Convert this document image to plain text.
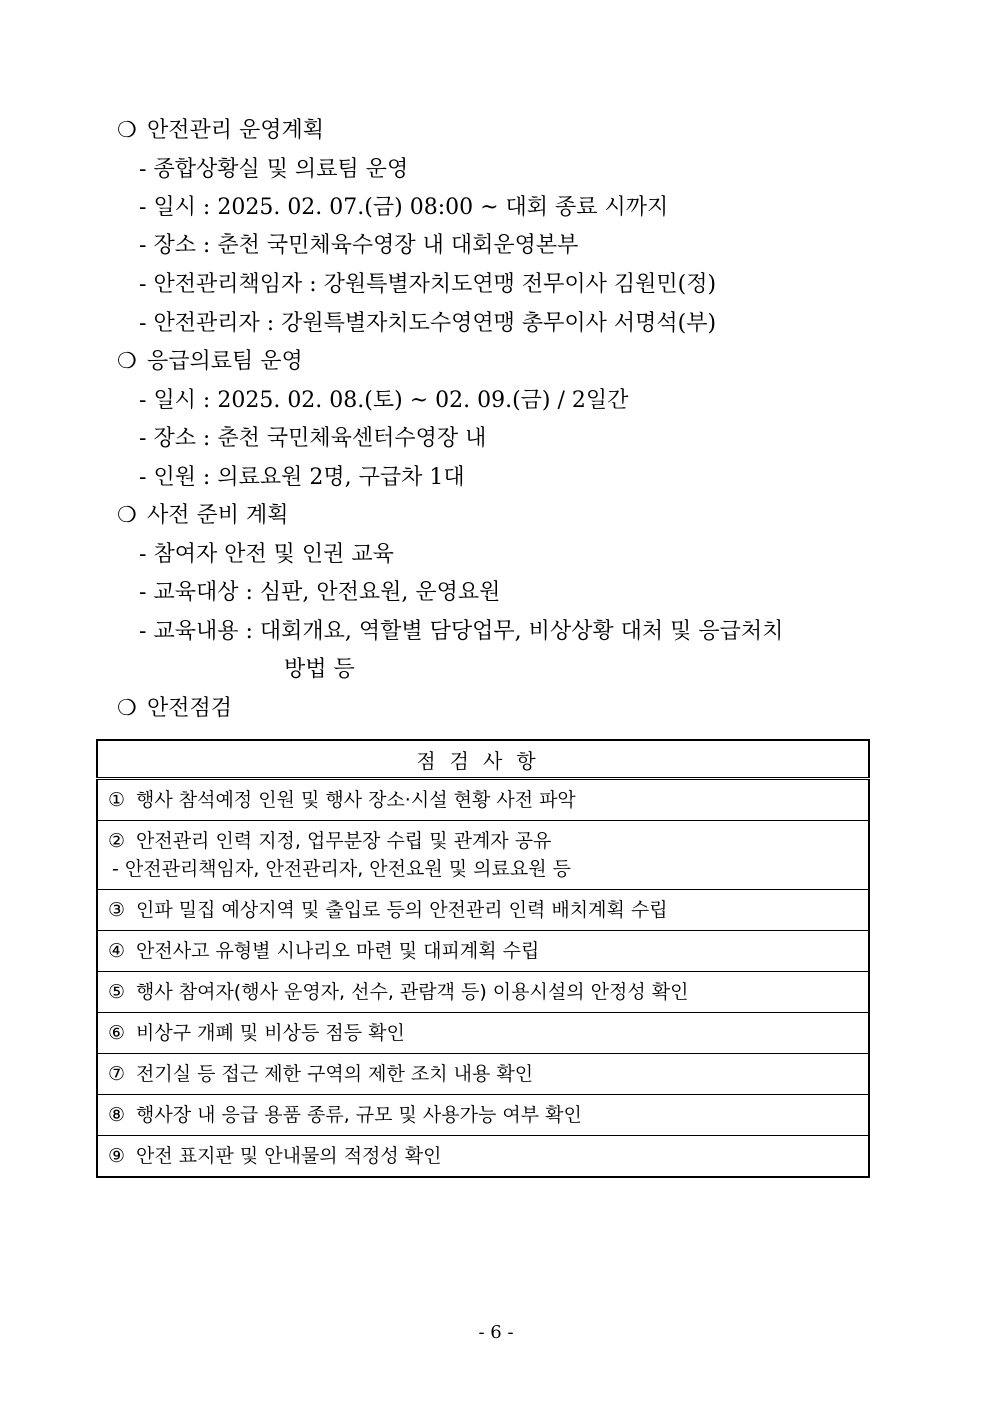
❍ 안전관리 운영계획
- 종합상황실 및 의료팀 운영
- 일시 : 2025. 02. 07.(금) 08:00 ~ 대회 종료 시까지
- 장소 : 춘천 국민체육수영장 내 대회운영본부
- 안전관리책임자 : 강원특별자치도연맹 전무이사 김원민(정)
- 안전관리자 : 강원특별자치도수영연맹 총무이사 서명석(부)
❍ 응급의료팀 운영
- 일시 : 2025. 02. 08.(토) ~ 02. 09.(금) / 2일간
- 장소 : 춘천 국민체육센터수영장 내
- 인원 : 의료요원 2명, 구급차 1대
❍ 사전 준비 계획
- 참여자 안전 및 인권 교육
- 교육대상 : 심판, 안전요원, 운영요원
- 교육내용 : 대회개요, 역할별 담당업무, 비상상황 대처 및 응급처치
방법 등
❍ 안전점검
점검사항
① 행사 참석예정 인원 및 행사 장소·시설 현황 사전 파악
② 안전관리 인력 지정, 업무분장 수립 및 관계자 공유
- 안전관리책임자, 안전관리자, 안전요원 및 의료요원 등

③ 인파 밀집 예상지역 및 출입로 등의 안전관리 인력 배치계획 수립
④ 안전사고 유형별 시나리오 마련 및 대피계획 수립
⑤ 행사 참여자(행사 운영자, 선수, 관람객 등) 이용시설의 안정성 확인
⑥ 비상구 개폐 및 비상등 점등 확인
⑦ 전기실 등 접근 제한 구역의 제한 조치 내용 확인
⑧ 행사장 내 응급 용품 종류, 규모 및 사용가능 여부 확인
⑨ 안전 표지판 및 안내물의 적정성 확인
- 6 -
